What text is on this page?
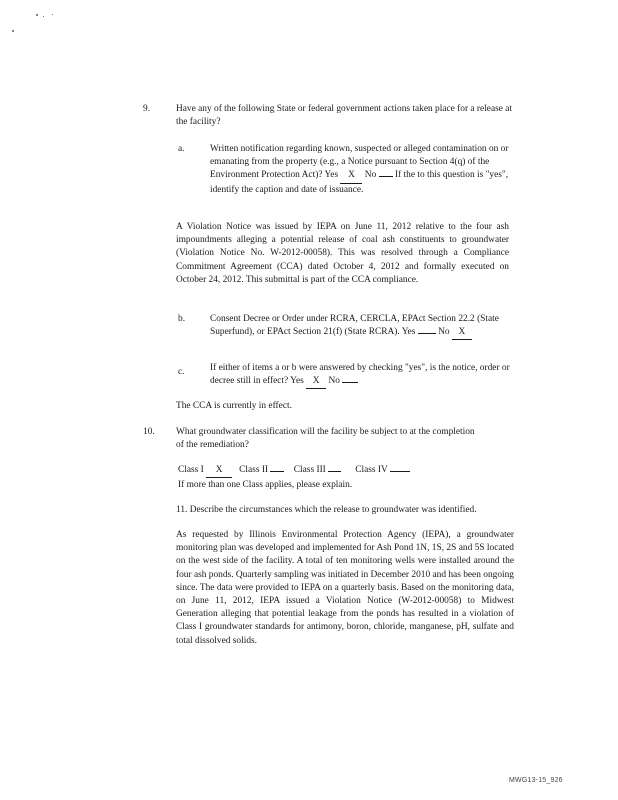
9.	Have any of the following State or federal government actions taken place for a release at the facility?
a.	Written notification regarding known, suspected or alleged contamination on or emanating from the property (e.g., a Notice pursuant to Section 4(q) of the Environment Protection Act)? Yes X No If the to this question is "yes", identify the caption and date of issuance.
A Violation Notice was issued by IEPA on June 11, 2012 relative to the four ash impoundments alleging a potential release of coal ash constituents to groundwater (Violation Notice No. W-2012-00058). This was resolved through a Compliance Commitment Agreement (CCA) dated October 4, 2012 and formally executed on October 24, 2012. This submittal is part of the CCA compliance.
b.	Consent Decree or Order under RCRA, CERCLA, EPAct Section 22.2 (State Superfund), or EPAct Section 21(f) (State RCRA). Yes No X
c.	If either of items a or b were answered by checking "yes", is the notice, order or decree still in effect? Yes X No
The CCA is currently in effect.
10. What groundwater classification will the facility be subject to at the completion of the remediation?
Class I X Class II	Class III	Class IV
If more than one Class applies, please explain.
11. Describe the circumstances which the release to groundwater was identified.
As requested by Illinois Environmental Protection Agency (IEPA), a groundwater monitoring plan was developed and implemented for Ash Pond 1N, 1S, 2S and 5S located on the west side of the facility. A total of ten monitoring wells were installed around the four ash ponds. Quarterly sampling was initiated in December 2010 and has been ongoing since. The data were provided to IEPA on a quarterly basis. Based on the monitoring data, on June 11, 2012, IEPA issued a Violation Notice (W-2012-00058) to Midwest Generation alleging that potential leakage from the ponds has resulted in a violation of Class I groundwater standards for antimony, boron, chloride, manganese, pH, sulfate and total dissolved solids.
MWG13-15_926
